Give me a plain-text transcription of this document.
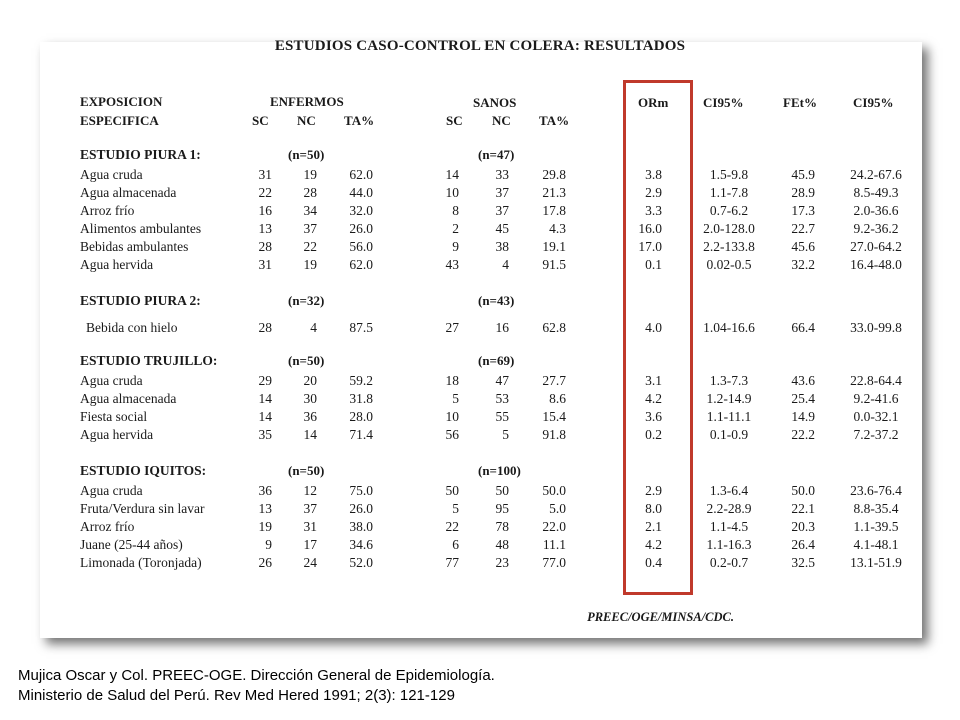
ESTUDIOS CASO-CONTROL EN COLERA: RESULTADOS
EXPOSICION
ESPECIFICA
ENFERMOS	SANOS
SC NC TA%	SC NC TA%
ORm	CI95%	FEt%	CI95%
ESTUDIO PIURA 1:	(n=50)	(n=47)
Agua cruda	31 19 62.0	14	33 29.8	3.8	1.5-9.8	45.9	24.2-67.6
Agua almacenada	22 28 44.0	10	37 21.3	2.9	1.1-7.8	28.9	8.5-49.3
Arroz frío	16 34 32.0	8	37 17.8	3.3	0.7-6.2	17.3	2.0-36.6
Alimentos ambulantes	13 37 26.0	2	45	4.3	16.0	2.0-128.0	22.7	9.2-36.2
Bebidas ambulantes	28 22 56.0	9	38 19.1	17.0	2.2-133.8	45.6	27.0-64.2
Agua hervida	31 19 62.0	43	4 91.5	0.1	0.02-0.5	32.2	16.4-48.0
ESTUDIO PIURA 2:	(n=32)	(n=43)
Bebida con hielo	28	4 87.5	27	16 62.8	4.0	1.04-16.6	66.4	33.0-99.8
ESTUDIO TRUJILLO:	(n=50)	(n=69)
Agua cruda	29 20 59.2	18	47 27.7	3.1	1.3-7.3	43.6	22.8-64.4
Agua almacenada	14 30 31.8	5	53	8.6	4.2	1.2-14.9	25.4	9.2-41.6
Fiesta social	14 36 28.0	10	55 15.4	3.6	1.1-11.1	14.9	0.0-32.1
Agua hervida	35 14 71.4	56	5 91.8	0.2	0.1-0.9	22.2	7.2-37.2
ESTUDIO IQUITOS:	(n=50)	(n=100)
Agua cruda	36 12 75.0	50	50 50.0	2.9	1.3-6.4	50.0	23.6-76.4
Fruta/Verdura sin lavar	13 37 26.0	5	95	5.0	8.0	2.2-28.9	22.1	8.8-35.4
Arroz frío	19 31 38.0	22	78 22.0	2.1	1.1-4.5	20.3	1.1-39.5
Juane (25-44 años)	9 17 34.6	6	48	11.1	4.2	1.1-16.3	26.4	4.1-48.1
Limonada (Toronjada)	26 24 52.0	77	23 77.0	0.4	0.2-0.7	32.5	13.1-51.9
PREEC/OGE/MINSA/CDC.
Mujica Oscar y Col. PREEC-OGE. Dirección General de Epidemiología.
Ministerio de Salud del Perú. Rev Med Hered 1991; 2(3): 121-129
